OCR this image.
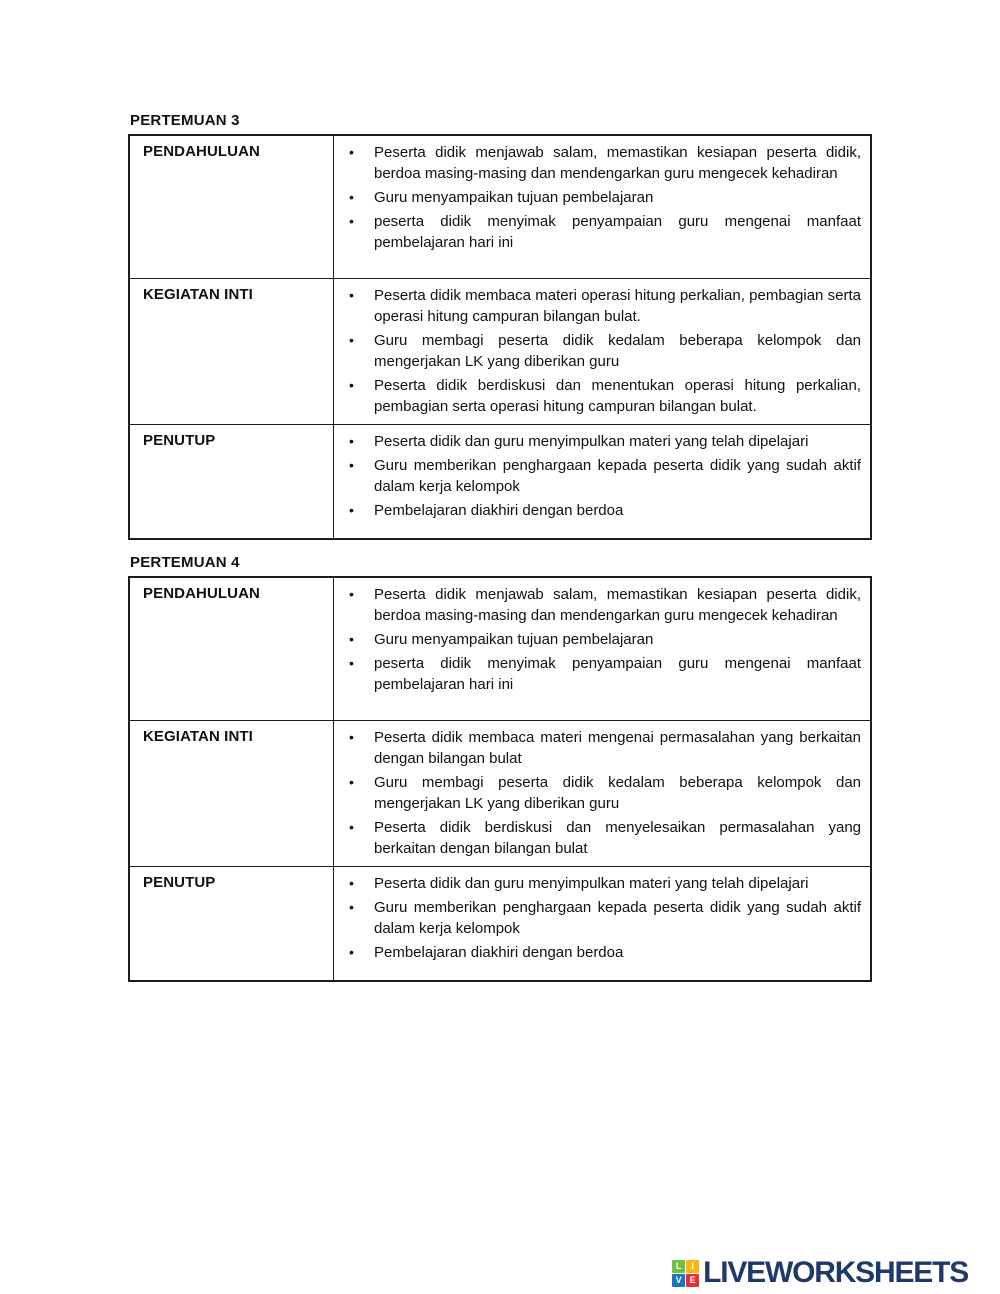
PERTEMUAN 3
PENDAHULUAN	•	Peserta didik menjawab salam, memastikan kesiapan peserta didik, berdoa masing-masing dan mendengarkan guru mengecek kehadiran
•	Guru menyampaikan tujuan pembelajaran
•	peserta didik menyimak penyampaian guru mengenai manfaat pembelajaran hari ini
KEGIATAN INTI	•	Peserta didik membaca materi operasi hitung perkalian, pembagian serta operasi hitung campuran bilangan bulat.
•	Guru membagi peserta didik kedalam beberapa kelompok dan mengerjakan LK yang diberikan guru
•	Peserta didik berdiskusi dan menentukan operasi hitung perkalian, pembagian serta operasi hitung campuran bilangan bulat.
PENUTUP	•	Peserta didik dan guru menyimpulkan materi yang telah dipelajari
•	Guru memberikan penghargaan kepada peserta didik yang sudah aktif dalam kerja kelompok
•	Pembelajaran diakhiri dengan berdoa
PERTEMUAN 4
PENDAHULUAN	•	Peserta didik menjawab salam, memastikan kesiapan peserta didik, berdoa masing-masing dan mendengarkan guru mengecek kehadiran
•	Guru menyampaikan tujuan pembelajaran
•	peserta didik menyimak penyampaian guru mengenai manfaat pembelajaran hari ini
KEGIATAN INTI	•	Peserta didik membaca materi mengenai permasalahan yang berkaitan dengan bilangan bulat
•	Guru membagi peserta didik kedalam beberapa kelompok dan mengerjakan LK yang diberikan guru
•	Peserta didik berdiskusi dan menyelesaikan permasalahan yang berkaitan dengan bilangan bulat
PENUTUP	•	Peserta didik dan guru menyimpulkan materi yang telah dipelajari
•	Guru memberikan penghargaan kepada peserta didik yang sudah aktif dalam kerja kelompok
•	Pembelajaran diakhiri dengan berdoa
L	I
V E LIVEWORKSHEETS
